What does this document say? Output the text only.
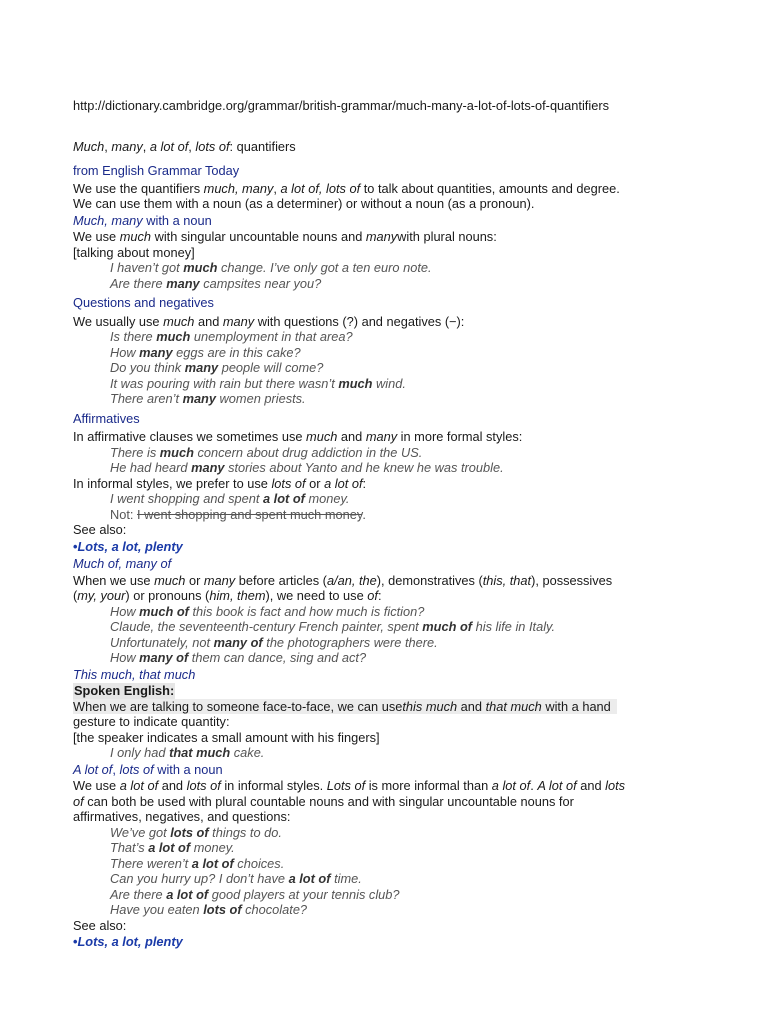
http://dictionary.cambridge.org/grammar/british-grammar/much-many-a-lot-of-lots-of-quantifiers
Much, many, a lot of, lots of: quantifiers
from English Grammar Today
We use the quantifiers much, many, a lot of, lots of to talk about quantities, amounts and degree.
We can use them with a noun (as a determiner) or without a noun (as a pronoun).
Much, many with a noun
We use much with singular uncountable nouns and manywith plural nouns:
[talking about money]
I haven’t got much change. I’ve only got a ten euro note.
Are there many campsites near you?
Questions and negatives
We usually use much and many with questions (?) and negatives (−):
Is there much unemployment in that area?
How many eggs are in this cake?
Do you think many people will come?
It was pouring with rain but there wasn’t much wind.
There aren’t many women priests.
Affirmatives
In affirmative clauses we sometimes use much and many in more formal styles:
There is much concern about drug addiction in the US.
He had heard many stories about Yanto and he knew he was trouble.
In informal styles, we prefer to use lots of or a lot of:
I went shopping and spent a lot of money.
Not: I went shopping and spent much money.
See also:
•Lots, a lot, plenty
Much of, many of
When we use much or many before articles (a/an, the), demonstratives (this, that), possessives
(my, your) or pronouns (him, them), we need to use of:
How much of this book is fact and how much is fiction?
Claude, the seventeenth-century French painter, spent much of his life in Italy.
Unfortunately, not many of the photographers were there.
How many of them can dance, sing and act?
This much, that much
Spoken English:
When we are talking to someone face-to-face, we can usethis much and that much with a hand
gesture to indicate quantity:
[the speaker indicates a small amount with his fingers]
I only had that much cake.
A lot of, lots of with a noun
We use a lot of and lots of in informal styles. Lots of is more informal than a lot of. A lot of and lots
of can both be used with plural countable nouns and with singular uncountable nouns for
affirmatives, negatives, and questions:
We’ve got lots of things to do.
That’s a lot of money.
There weren’t a lot of choices.
Can you hurry up? I don’t have a lot of time.
Are there a lot of good players at your tennis club?
Have you eaten lots of chocolate?
See also:
•Lots, a lot, plenty
